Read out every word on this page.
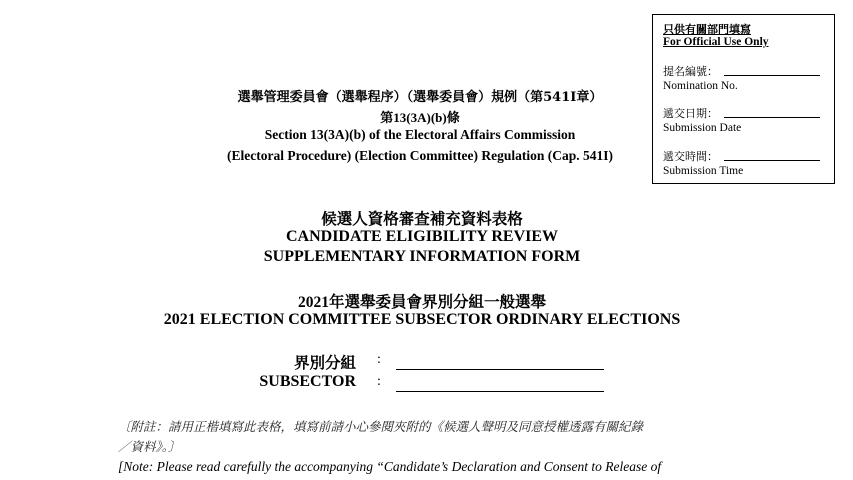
只供有關部門填寫
For Official Use Only
提名編號：
Nomination No.
遞交日期：
Submission Date
遞交時間：
Submission Time
選舉管理委員會（選舉程序）（選舉委員會）規例（第541I章）
第13(3A)(b)條
Section 13(3A)(b) of the Electoral Affairs Commission
(Electoral Procedure) (Election Committee) Regulation (Cap. 541I)
候選人資格審查補充資料表格
CANDIDATE ELIGIBILITY REVIEW
SUPPLEMENTARY INFORMATION FORM
2021年選舉委員會界別分組一般選舉
2021 ELECTION COMMITTEE SUBSECTOR ORDINARY ELECTIONS
界別分組
SUBSECTOR
:
:
〔附註：請用正楷填寫此表格，填寫前請小心參閱夾附的《候選人聲明及同意授權透露有關紀錄
／資料》。〕
[Note: Please read carefully the accompanying “Candidate’s Declaration and Consent to Release of
